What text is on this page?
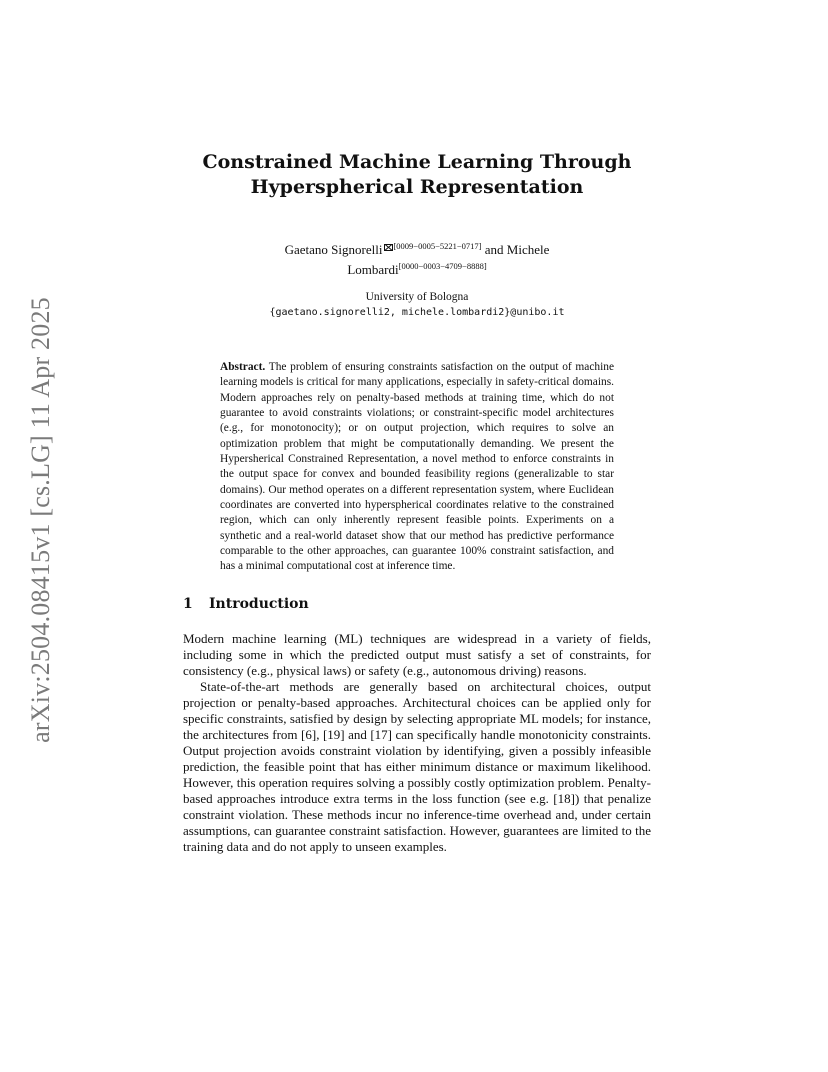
arXiv:2504.08415v1 [cs.LG] 11 Apr 2025
Constrained Machine Learning Through
Hyperspherical Representation
Gaetano Signorelli [0009−0005−5221−0717] and Michele
Lombardi[0000−0003−4709−8888]
University of Bologna
{gaetano.signorelli2, michele.lombardi2}@unibo.it
Abstract. The problem of ensuring constraints satisfaction on the output of machine learning models is critical for many applications, especially in safety-critical domains. Modern approaches rely on penalty-based methods at training time, which do not guarantee to avoid constraints violations; or constraint-specific model architectures (e.g., for monotonocity); or on output projection, which requires to solve an optimization problem that might be computationally demanding. We present the Hypersherical Constrained Representation, a novel method to enforce constraints in the output space for convex and bounded feasibility regions (generalizable to star domains). Our method operates on a different representation system, where Euclidean coordinates are converted into hyperspherical coordinates relative to the constrained region, which can only inherently represent feasible points. Experiments on a synthetic and a real-world dataset show that our method has predictive performance comparable to the other approaches, can guarantee 100% constraint satisfaction, and has a minimal computational cost at inference time.
1 Introduction

Modern machine learning (ML) techniques are widespread in a variety of fields, including some in which the predicted output must satisfy a set of constraints, for consistency (e.g., physical laws) or safety (e.g., autonomous driving) reasons.

State-of-the-art methods are generally based on architectural choices, output projection or penalty-based approaches. Architectural choices can be applied only for specific constraints, satisfied by design by selecting appropriate ML models; for instance, the architectures from [6], [19] and [17] can specifically handle monotonicity constraints. Output projection avoids constraint violation by identifying, given a possibly infeasible prediction, the feasible point that has either minimum distance or maximum likelihood. However, this operation requires solving a possibly costly optimization problem. Penalty-based approaches introduce extra terms in the loss function (see e.g. [18]) that penalize constraint violation. These methods incur no inference-time overhead and, under certain assumptions, can guarantee constraint satisfaction. However, guarantees are limited to the training data and do not apply to unseen examples.
